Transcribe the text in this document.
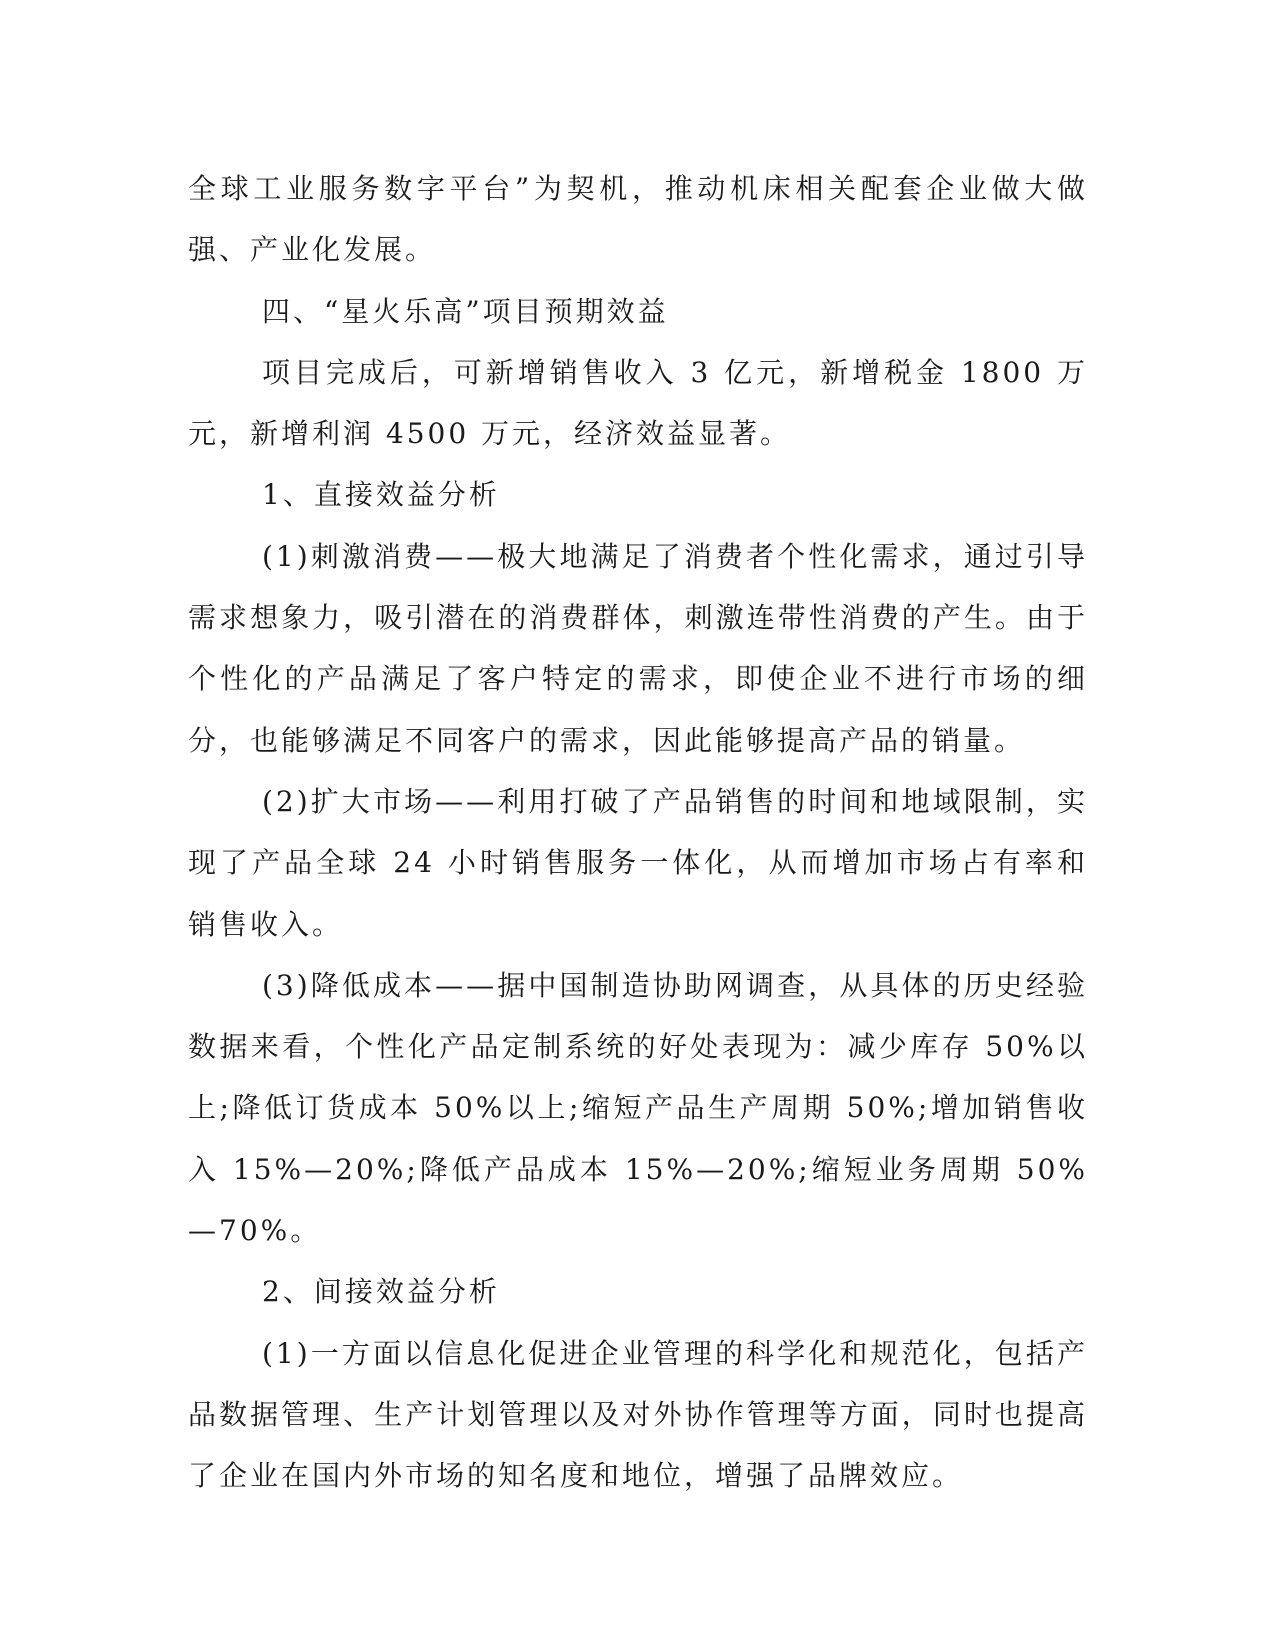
全球工业服务数字平台”为契机，推动机床相关配套企业做大做强、产业化发展。

四、“星火乐高”项目预期效益

项目完成后，可新增销售收入 3 亿元，新增税金 1800 万元，新增利润 4500 万元，经济效益显著。

1、直接效益分析

(1)刺激消费——极大地满足了消费者个性化需求，通过引导需求想象力，吸引潜在的消费群体，刺激连带性消费的产生。由于个性化的产品满足了客户特定的需求，即使企业不进行市场的细分，也能够满足不同客户的需求，因此能够提高产品的销量。

(2)扩大市场——利用打破了产品销售的时间和地域限制，实现了产品全球 24 小时销售服务一体化，从而增加市场占有率和销售收入。

(3)降低成本——据中国制造协助网调查，从具体的历史经验数据来看，个性化产品定制系统的好处表现为：减少库存 50%以上;降低订货成本 50%以上;缩短产品生产周期 50%;增加销售收入 15%—20%;降低产品成本 15%—20%;缩短业务周期 50%—70%。

2、间接效益分析

(1)一方面以信息化促进企业管理的科学化和规范化，包括产品数据管理、生产计划管理以及对外协作管理等方面，同时也提高了企业在国内外市场的知名度和地位，增强了品牌效应。
